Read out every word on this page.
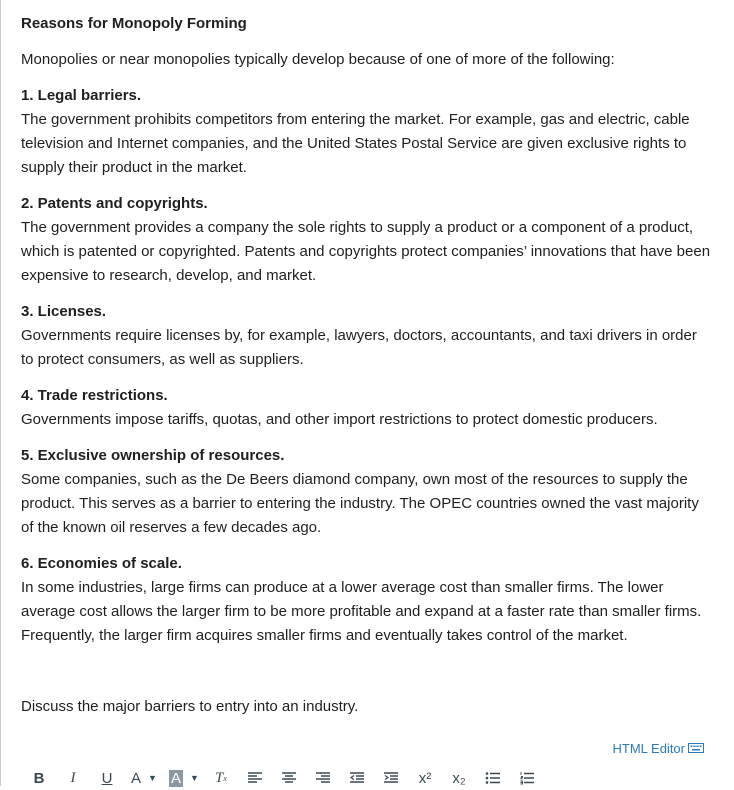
Reasons for Monopoly Forming

Monopolies or near monopolies typically develop because of one of more of the following:

1. Legal barriers.
The government prohibits competitors from entering the market. For example, gas and electric, cable television and Internet companies, and the United States Postal Service are given exclusive rights to supply their product in the market.

2. Patents and copyrights.
The government provides a company the sole rights to supply a product or a component of a product, which is patented or copyrighted. Patents and copyrights protect companies’ innovations that have been expensive to research, develop, and market.

3. Licenses.
Governments require licenses by, for example, lawyers, doctors, accountants, and taxi drivers in order to protect consumers, as well as suppliers.

4. Trade restrictions.
Governments impose tariffs, quotas, and other import restrictions to protect domestic producers.

5. Exclusive ownership of resources.
Some companies, such as the De Beers diamond company, own most of the resources to supply the product. This serves as a barrier to entering the industry. The OPEC countries owned the vast majority of the known oil reserves a few decades ago.

6. Economies of scale.
In some industries, large firms can produce at a lower average cost than smaller firms. The lower average cost allows the larger firm to be more profitable and expand at a faster rate than smaller firms. Frequently, the larger firm acquires smaller firms and eventually takes control of the market.

Discuss the major barriers to entry into an industry.
HTML Editor
B	I	U	A ▼ A ▼ T x	x²	x₂
